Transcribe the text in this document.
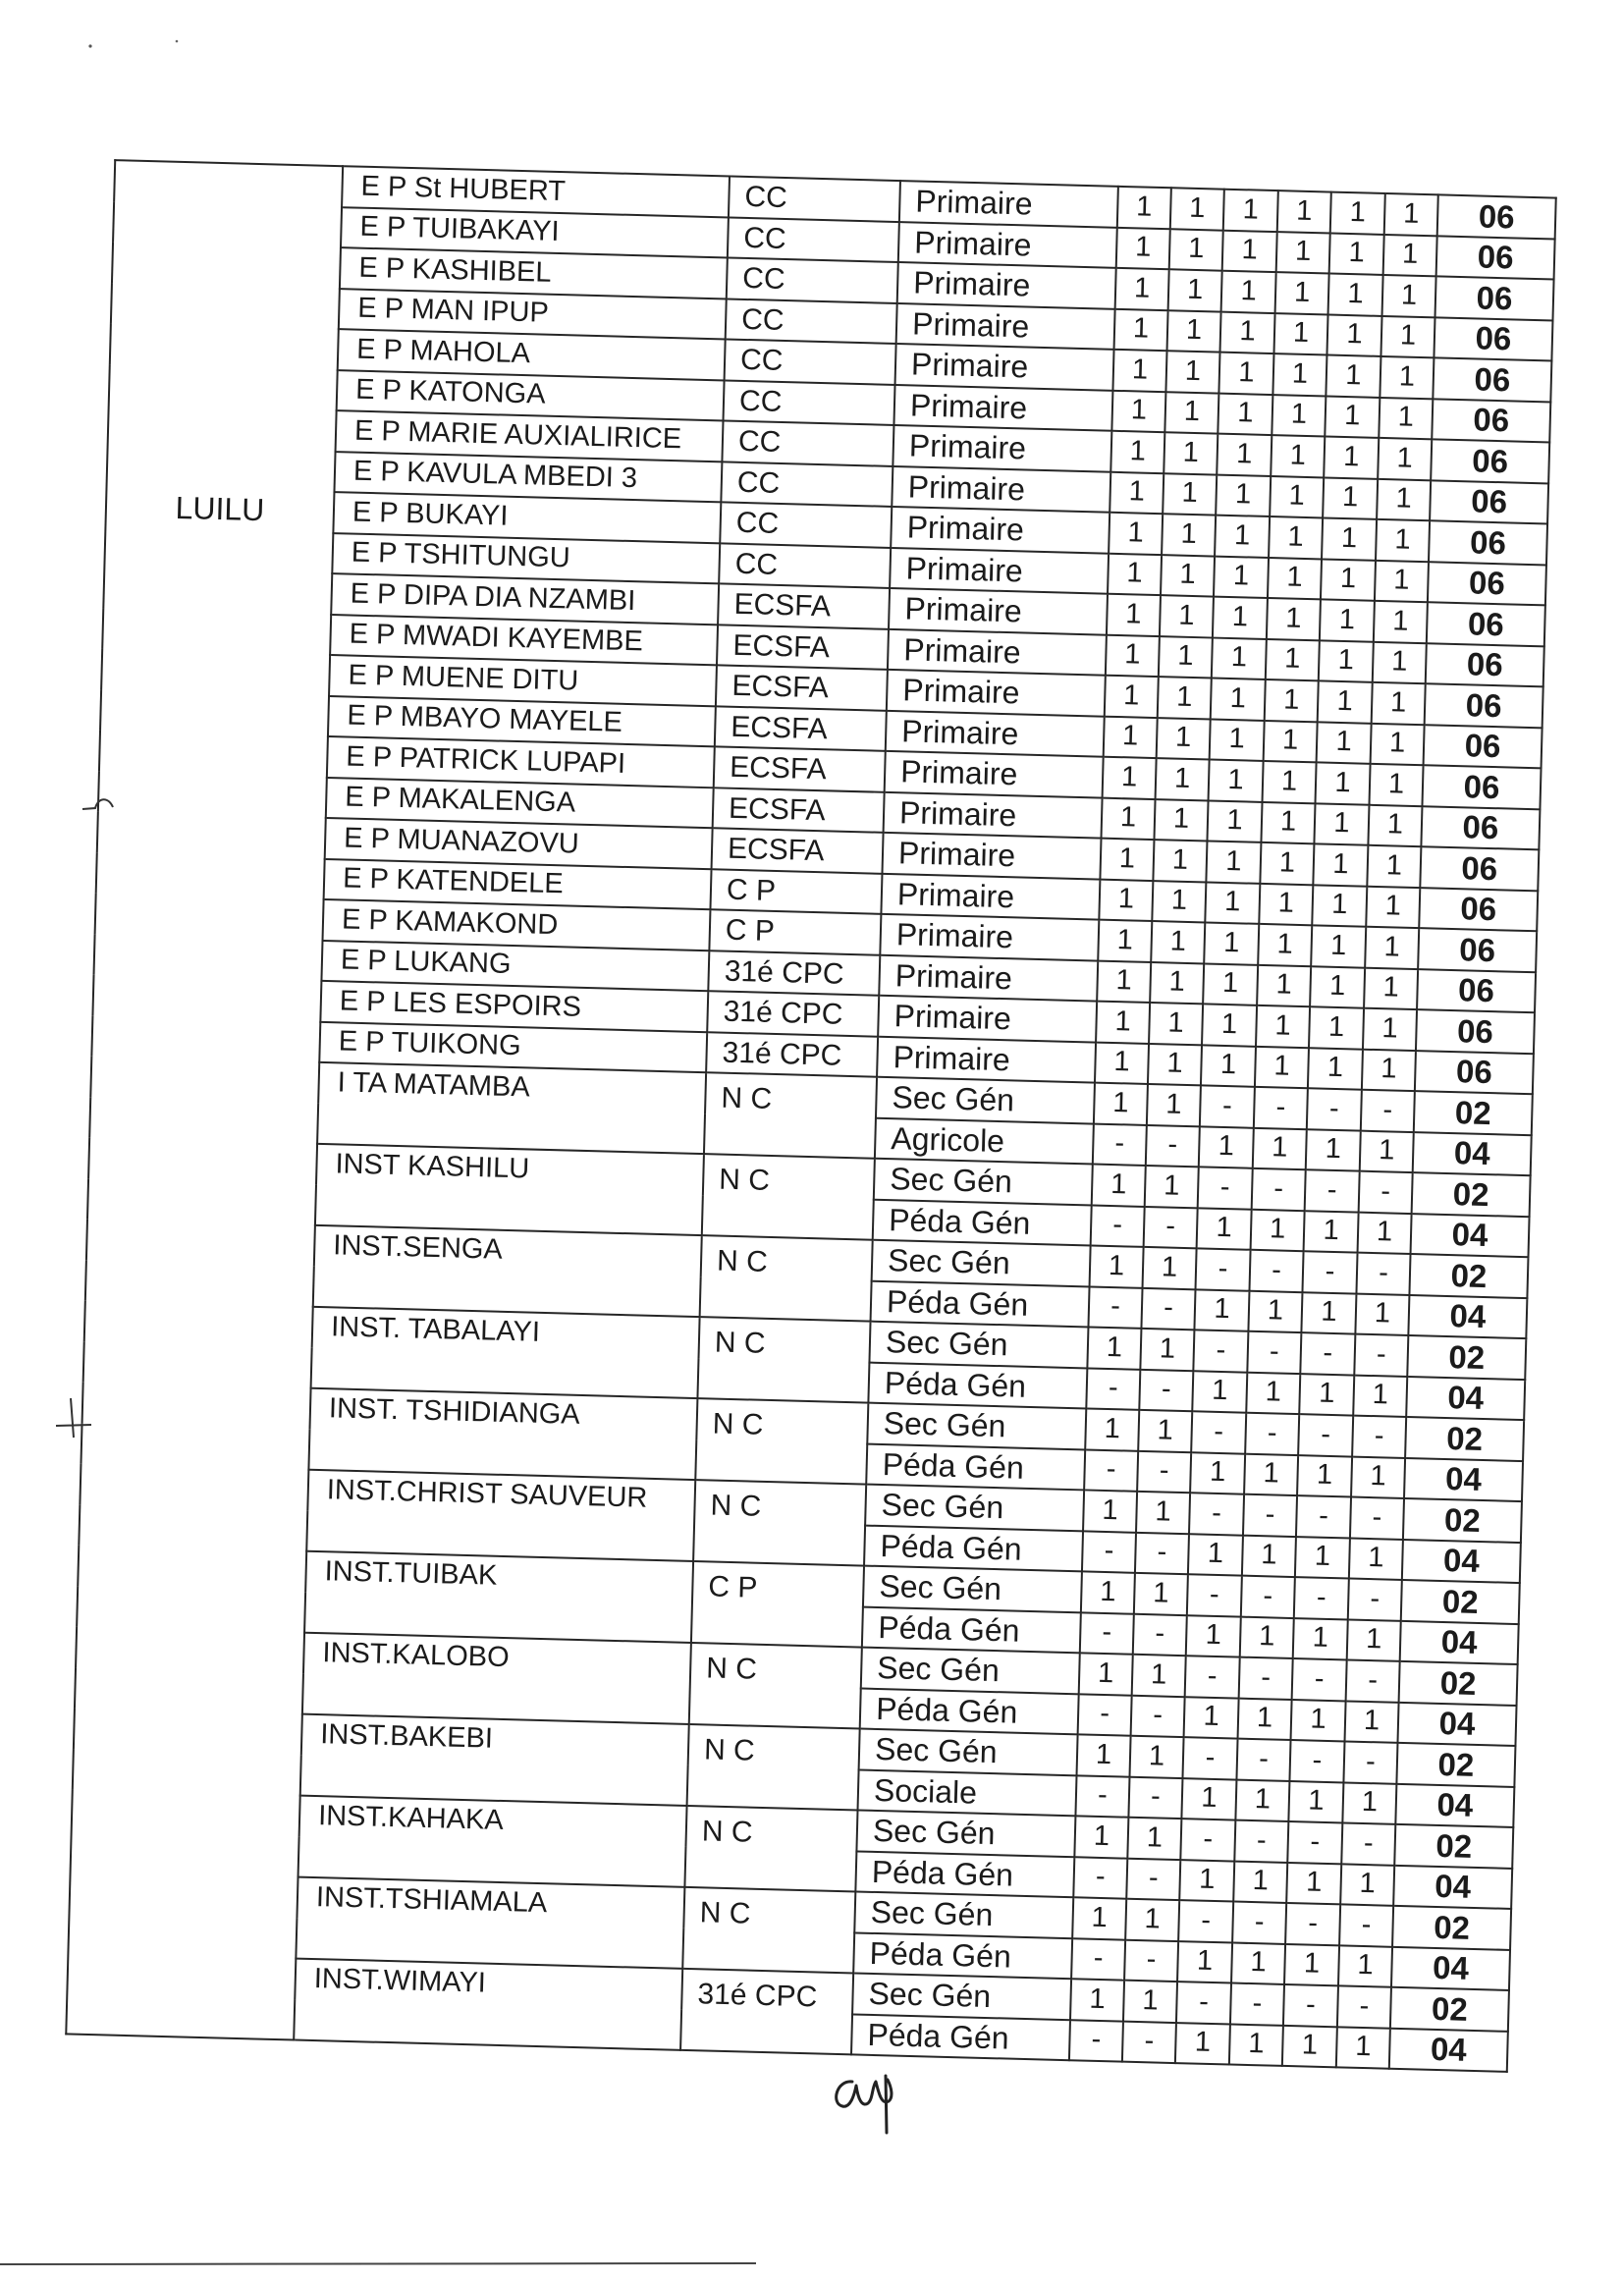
LUILU	E P St HUBERT	CC	Primaire	1	1	1	1	1	1	06
	E P TUIBAKAYI	CC	Primaire	1	1	1	1	1	1	06
	E P KASHIBEL	CC	Primaire	1	1	1	1	1	1	06
	E P MAN IPUP	CC	Primaire	1	1	1	1	1	1	06
	E P MAHOLA	CC	Primaire	1	1	1	1	1	1	06
	E P KATONGA	CC	Primaire	1	1	1	1	1	1	06
	E P MARIE AUXIALIRICE	CC	Primaire	1	1	1	1	1	1	06
	E P KAVULA MBEDI 3	CC	Primaire	1	1	1	1	1	1	06
	E P BUKAYI	CC	Primaire	1	1	1	1	1	1	06
	E P TSHITUNGU	CC	Primaire	1	1	1	1	1	1	06
	E P DIPA DIA NZAMBI	ECSFA	Primaire	1	1	1	1	1	1	06
	E P MWADI KAYEMBE	ECSFA	Primaire	1	1	1	1	1	1	06
	E P MUENE DITU	ECSFA	Primaire	1	1	1	1	1	1	06
	E P MBAYO MAYELE	ECSFA	Primaire	1	1	1	1	1	1	06
	E P PATRICK LUPAPI	ECSFA	Primaire	1	1	1	1	1	1	06
	E P MAKALENGA	ECSFA	Primaire	1	1	1	1	1	1	06
	E P MUANAZOVU	ECSFA	Primaire	1	1	1	1	1	1	06
	E P KATENDELE	C P	Primaire	1	1	1	1	1	1	06
	E P KAMAKOND	C P	Primaire	1	1	1	1	1	1	06
	E P LUKANG	31é CPC	Primaire	1	1	1	1	1	1	06
	E P LES ESPOIRS	31é CPC	Primaire	1	1	1	1	1	1	06
	E P TUIKONG	31é CPC	Primaire	1	1	1	1	1	1	06
	I TA MATAMBA	N C	Sec Gén	1	1	-	-	-	-	02
			Agricole	-	-	1	1	1	1	04
	INST KASHILU	N C	Sec Gén	1	1	-	-	-	-	02
			Péda Gén	-	-	1	1	1	1	04
	INST.SENGA	N C	Sec Gén	1	1	-	-	-	-	02
			Péda Gén	-	-	1	1	1	1	04
	INST. TABALAYI	N C	Sec Gén	1	1	-	-	-	-	02
			Péda Gén	-	-	1	1	1	1	04
	INST. TSHIDIANGA	N C	Sec Gén	1	1	-	-	-	-	02
			Péda Gén	-	-	1	1	1	1	04
	INST.CHRIST SAUVEUR	N C	Sec Gén	1	1	-	-	-	-	02
			Péda Gén	-	-	1	1	1	1	04
	INST.TUIBAK	C P	Sec Gén	1	1	-	-	-	-	02
			Péda Gén	-	-	1	1	1	1	04
	INST.KALOBO	N C	Sec Gén	1	1	-	-	-	-	02
			Péda Gén	-	-	1	1	1	1	04
	INST.BAKEBI	N C	Sec Gén	1	1	-	-	-	-	02
			Sociale	-	-	1	1	1	1	04
	INST.KAHAKA	N C	Sec Gén	1	1	-	-	-	-	02
			Péda Gén	-	-	1	1	1	1	04
	INST.TSHIAMALA	N C	Sec Gén	1	1	-	-	-	-	02
			Péda Gén	-	-	1	1	1	1	04
	INST.WIMAYI	31é CPC	Sec Gén	1	1	-	-	-	-	02
			Péda Gén	-	-	1	1	1	1	04
